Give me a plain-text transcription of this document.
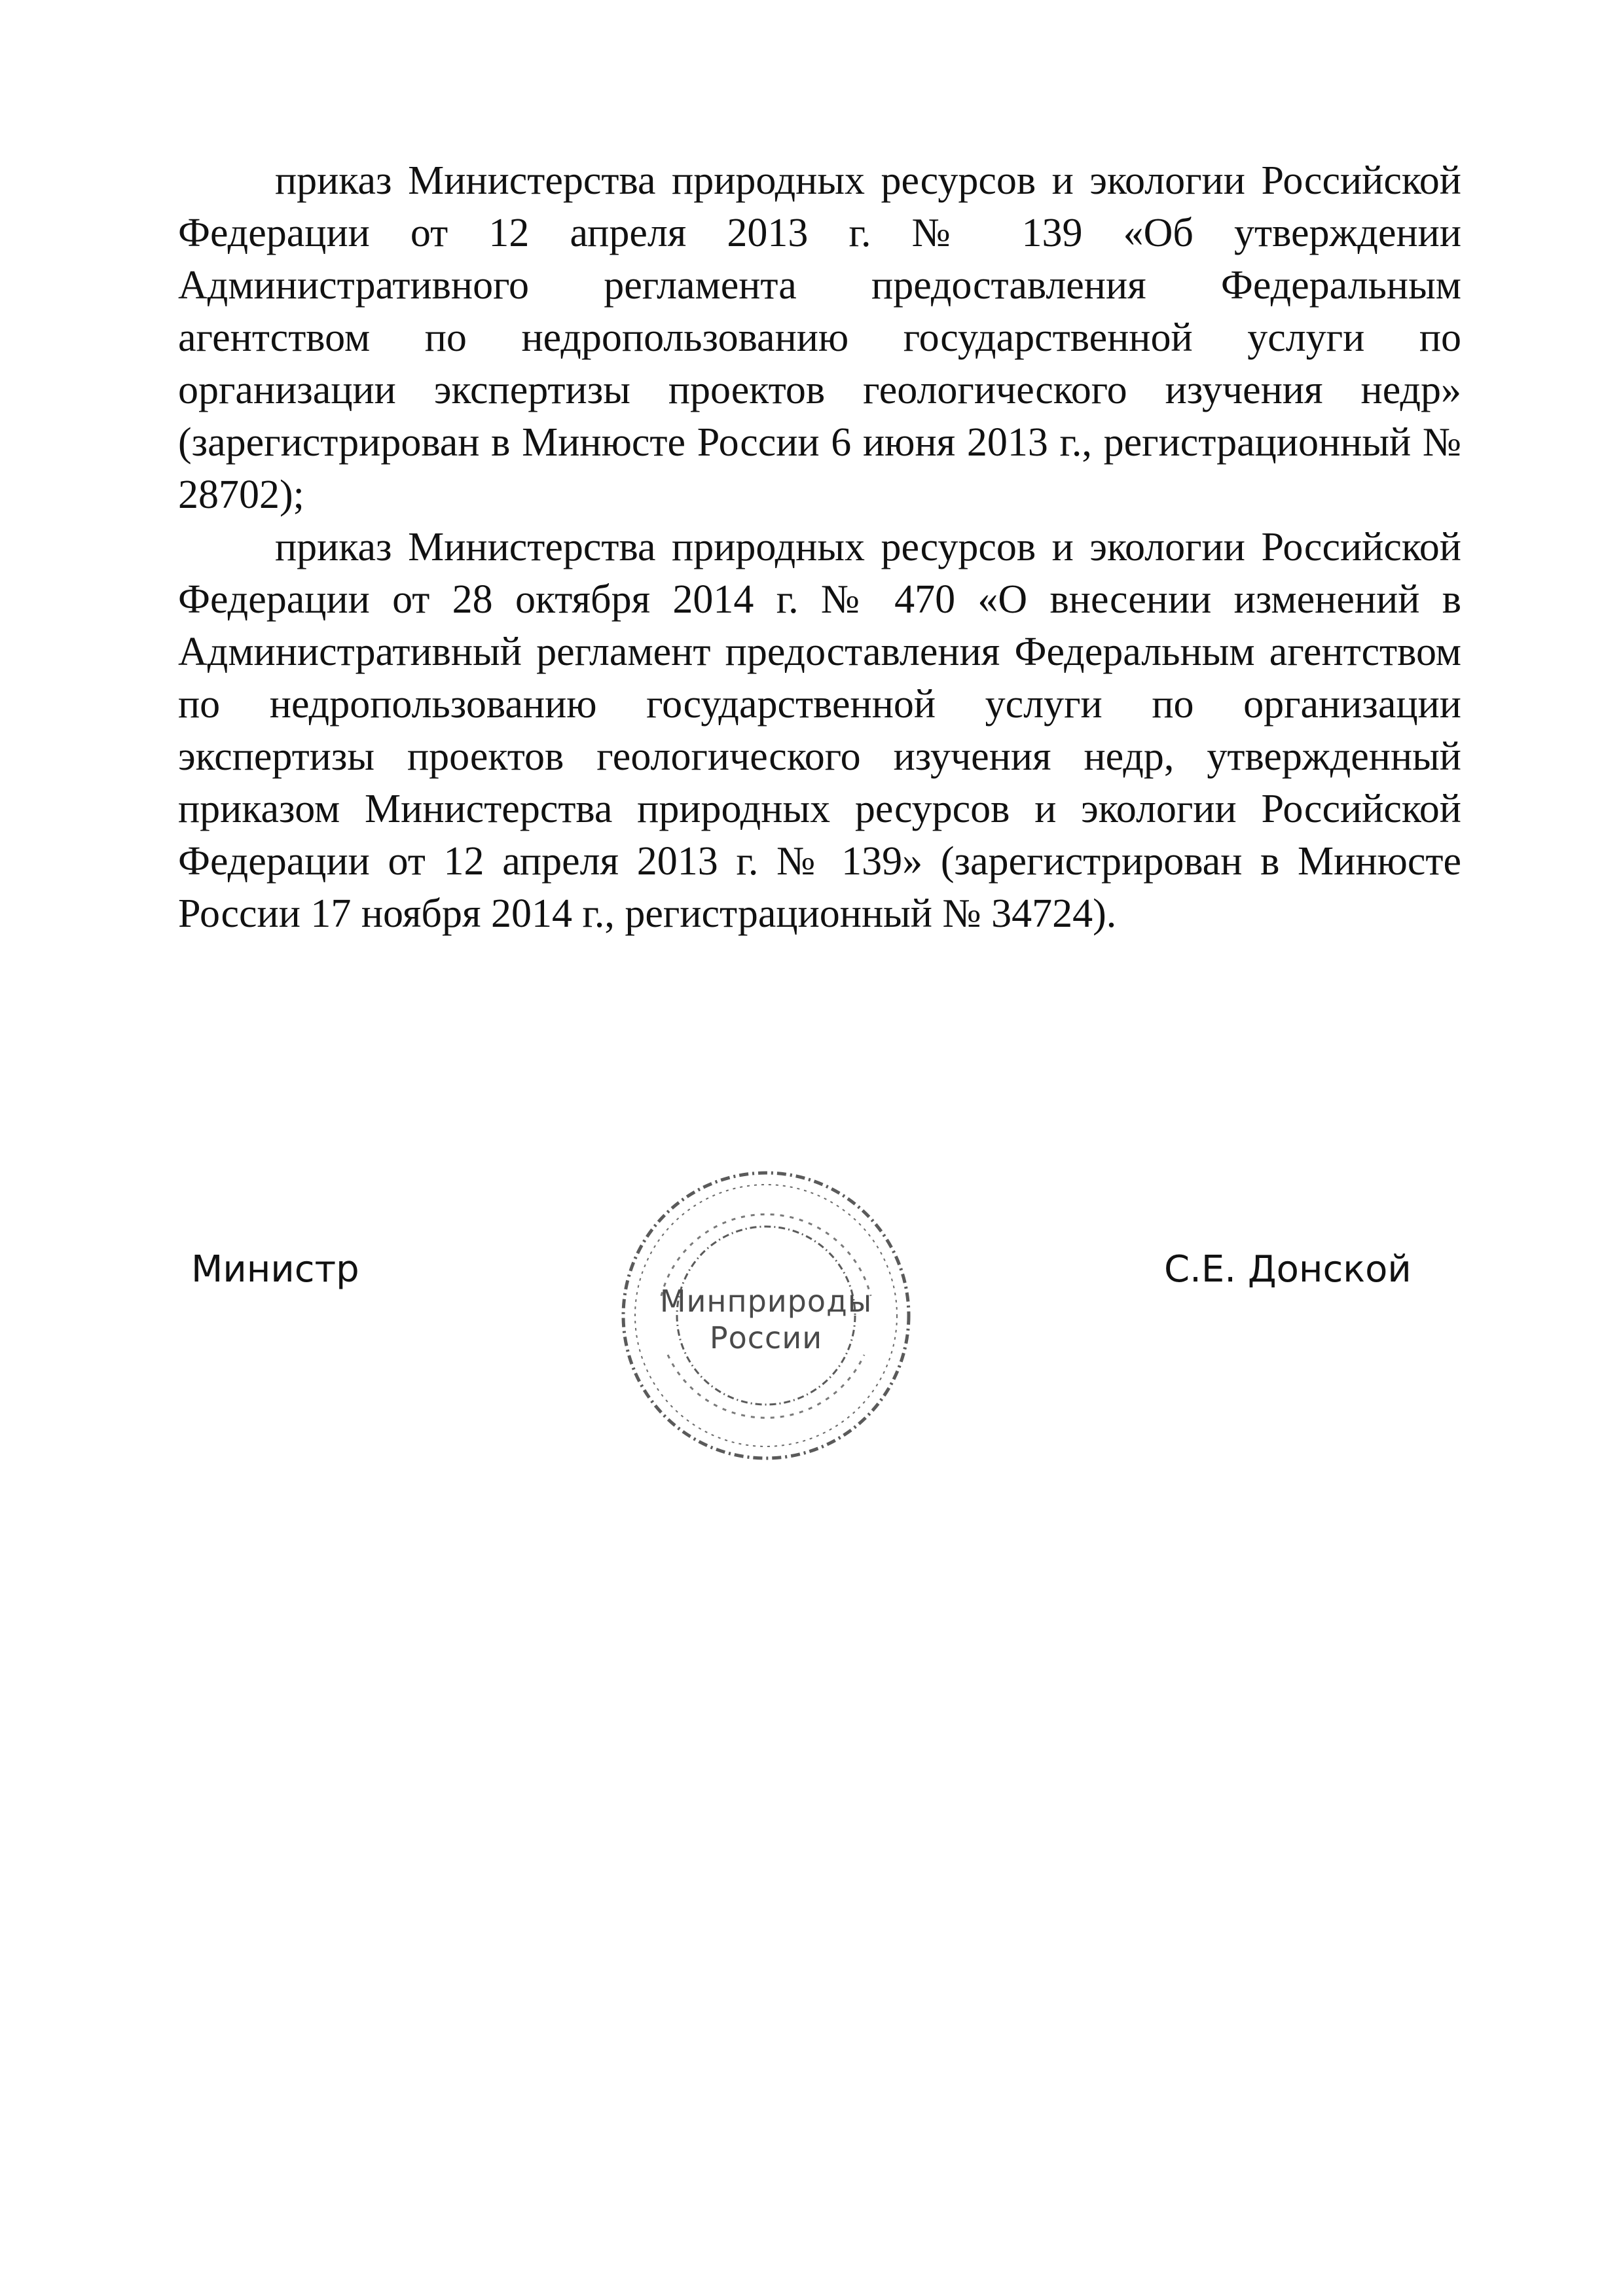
приказ Министерства природных ресурсов и экологии Российской Федерации от 12 апреля 2013 г. № 139 «Об утверждении Административного регламента предоставления Федеральным агентством по недропользованию государственной услуги по организации экспертизы проектов геологического изучения недр» (зарегистрирован в Минюсте России 6 июня 2013 г., регистрационный № 28702);

приказ Министерства природных ресурсов и экологии Российской Федерации от 28 октября 2014 г. № 470 «О внесении изменений в Административный регламент предоставления Федеральным агентством по недропользованию государственной услуги по организации экспертизы проектов геологического изучения недр, утвержденный приказом Министерства природных ресурсов и экологии Российской Федерации от 12 апреля 2013 г. № 139» (зарегистрирован в Минюсте России 17 ноября 2014 г., регистрационный № 34724).

Министр
Минприроды
России
С.Е. Донской
